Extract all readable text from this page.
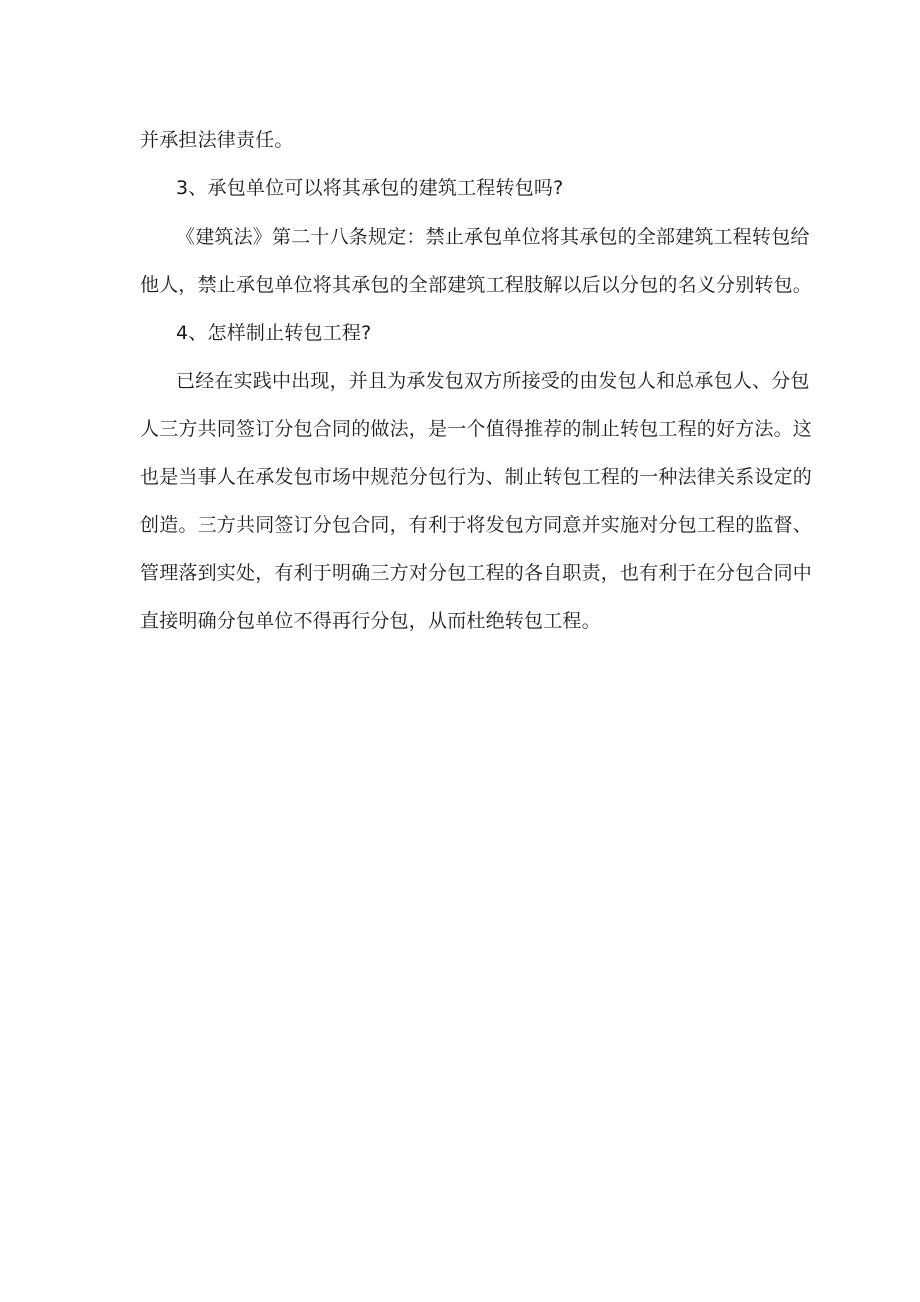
并承担法律责任。
3、承包单位可以将其承包的建筑工程转包吗?
《建筑法》第二十八条规定：禁止承包单位将其承包的全部建筑工程转包给
他人，禁止承包单位将其承包的全部建筑工程肢解以后以分包的名义分别转包。
4、怎样制止转包工程?
已经在实践中出现，并且为承发包双方所接受的由发包人和总承包人、分包
人三方共同签订分包合同的做法，是一个值得推荐的制止转包工程的好方法。这
也是当事人在承发包市场中规范分包行为、制止转包工程的一种法律关系设定的
创造。三方共同签订分包合同，有利于将发包方同意并实施对分包工程的监督、
管理落到实处，有利于明确三方对分包工程的各自职责，也有利于在分包合同中
直接明确分包单位不得再行分包，从而杜绝转包工程。
